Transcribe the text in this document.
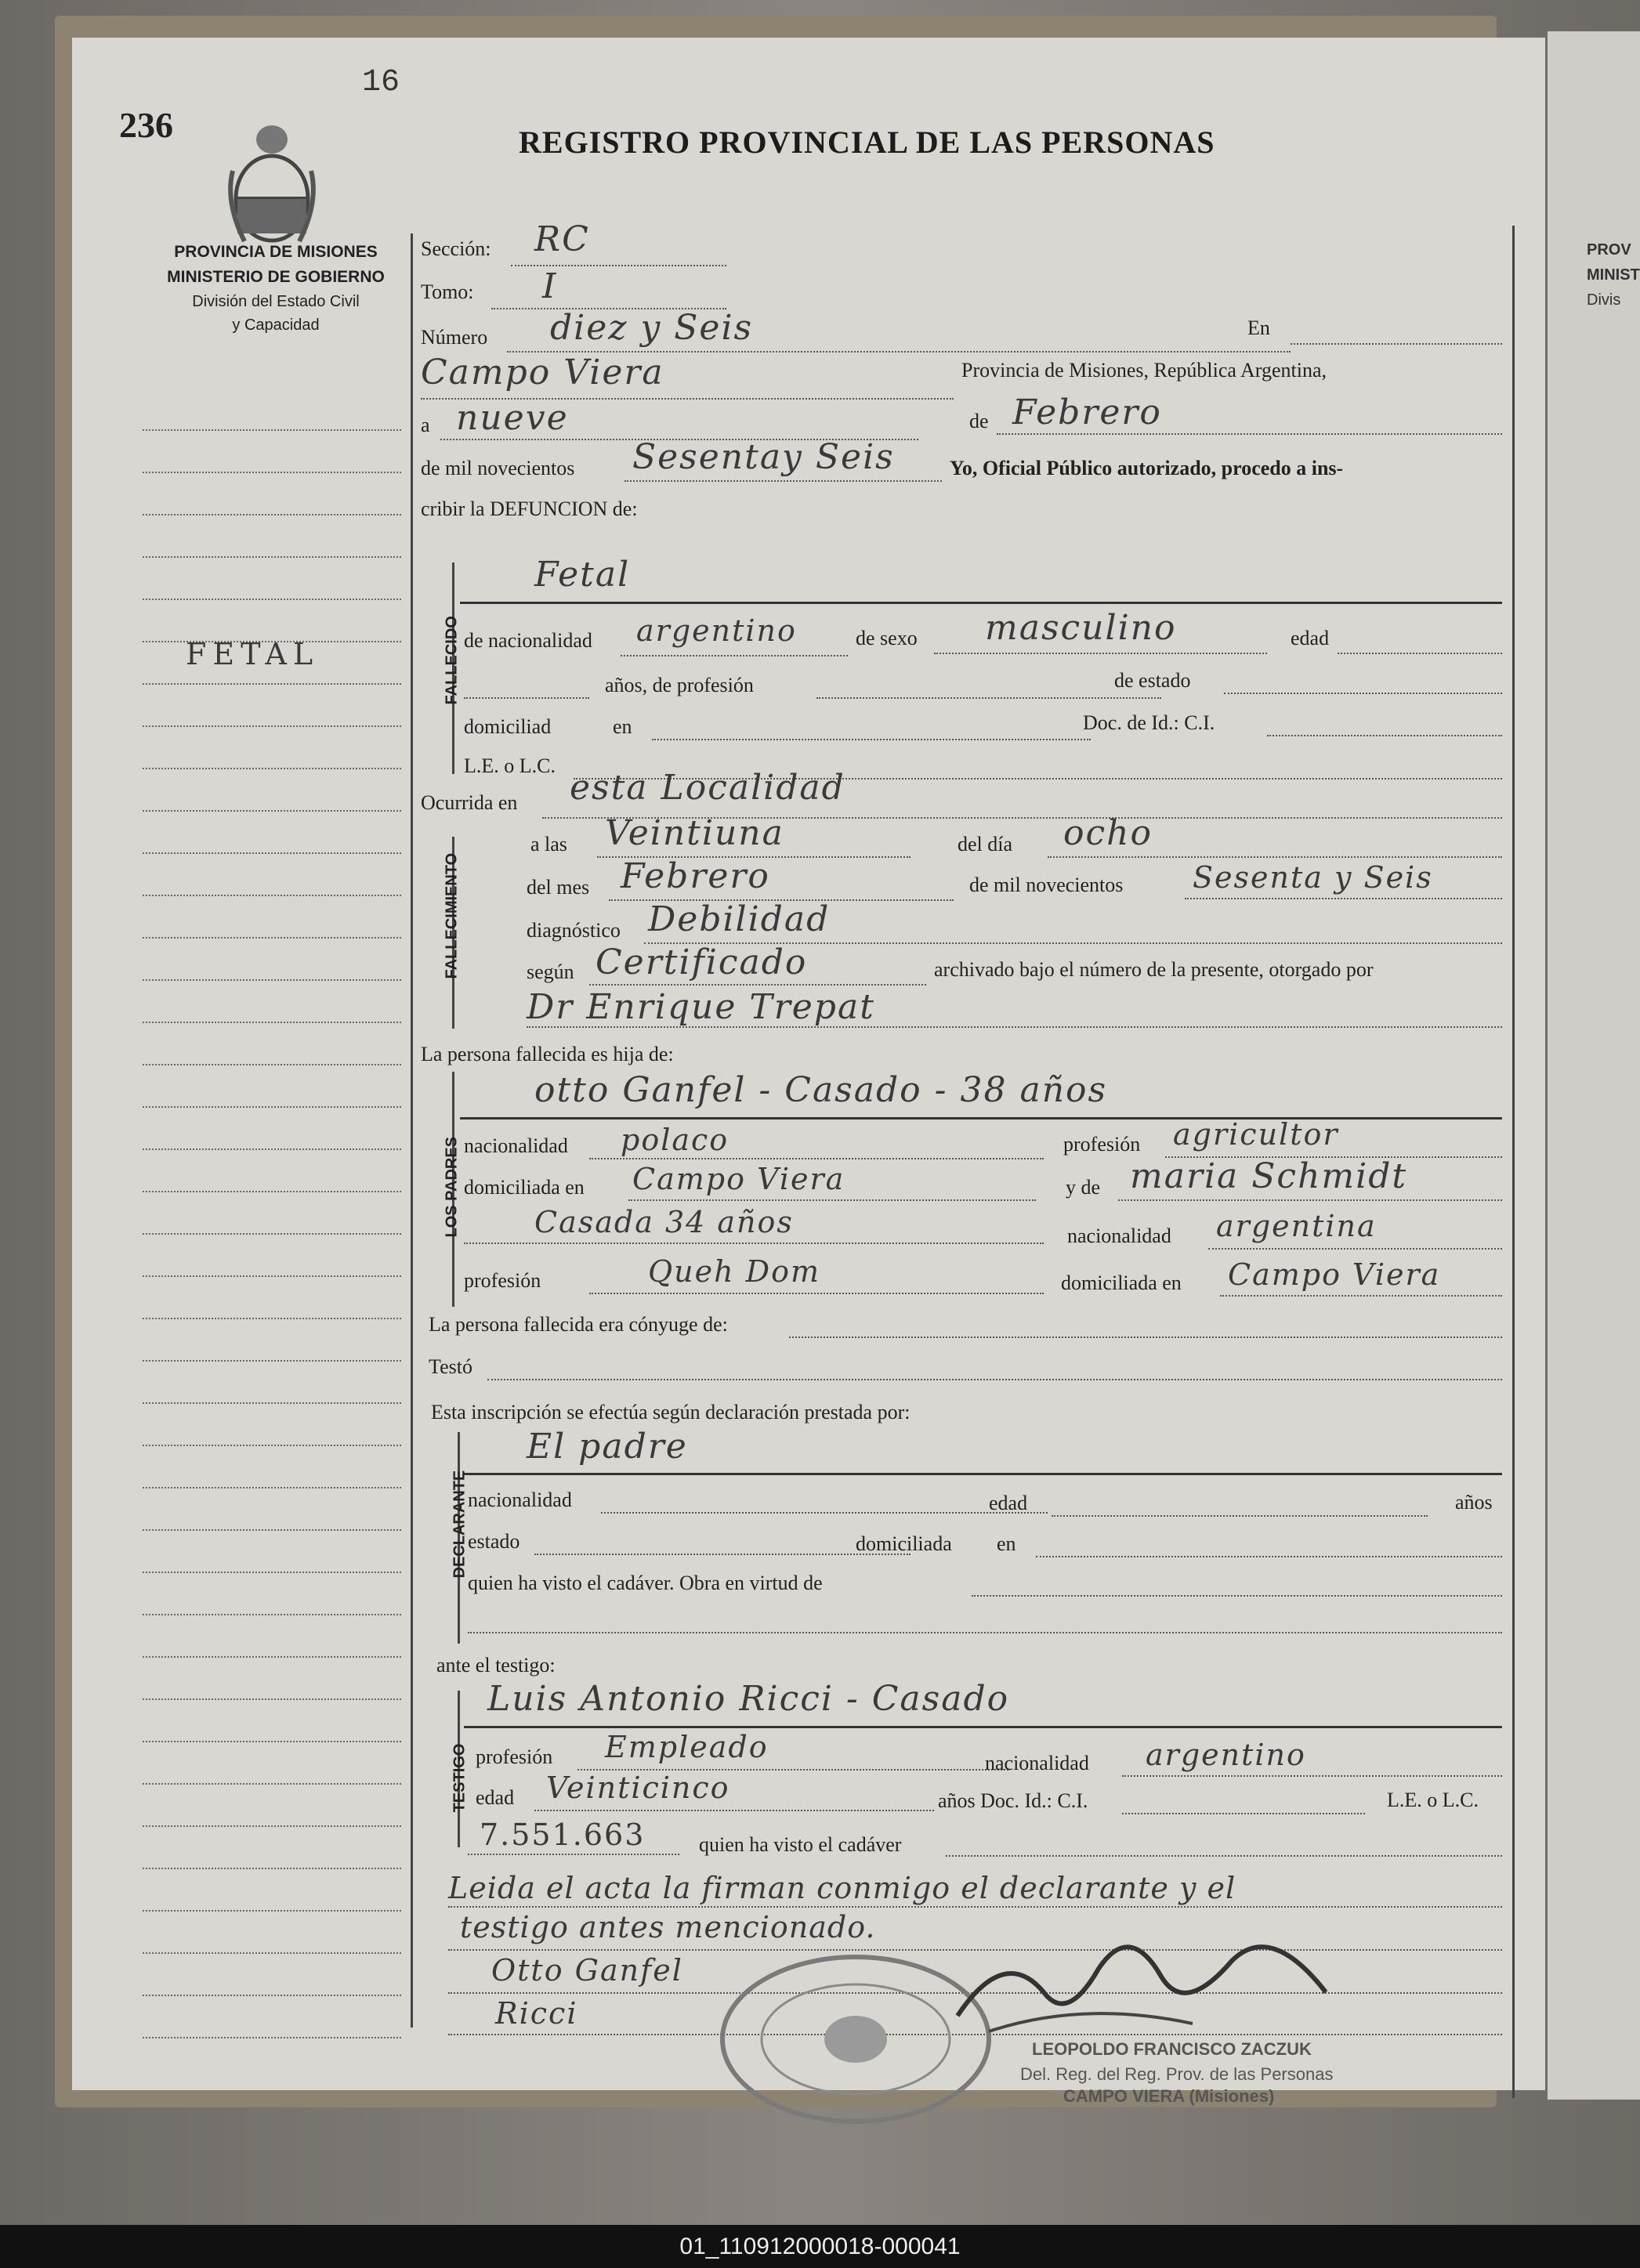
PROV
MINIST
Divis
236
16
REGISTRO PROVINCIAL DE LAS PERSONAS
PROVINCIA DE MISIONES
MINISTERIO DE GOBIERNO
División del Estado Civil
y Capacidad
FETAL
Sección: RC
Tomo: I
Número diez y Seis	En
Campo Viera	Provincia de Misiones, República Argentina,
a nueve	de Febrero
de mil novecientos Sesentay Seis	Yo, Oficial Público autorizado, procedo a ins-
cribir la DEFUNCION de:
FALLECIDO
Fetal
de nacionalidad argentino	de sexo masculino	edad
años, de profesión	de estado
domiciliad	en	Doc. de Id.: C.I.
L.E. o L.C.
Ocurrida en esta Localidad
FALLECIMIENTO
a las Veintiuna	del día ocho
del mes Febrero	de mil novecientos Sesenta y Seis
diagnóstico Debilidad
según Certificado	archivado bajo el número de la presente, otorgado por
Dr Enrique Trepat
La persona fallecida es hija de:
LOS PADRES
otto Ganfel - Casado - 38 años
nacionalidad polaco	profesión agricultor
domiciliada en Campo Viera	y de maria Schmidt
Casada 34 años	nacionalidad argentina
profesión	Queh Dom	domiciliada en Campo Viera
La persona fallecida era cónyuge de:
Testó
Esta inscripción se efectúa según declaración prestada por:
DECLARANTE
El padre
nacionalidad	edad	años
estado	domiciliada en
quien ha visto el cadáver. Obra en virtud de
ante el testigo:
TESTIGO
Luis Antonio Ricci - Casado
profesión Empleado	nacionalidad argentino
edad Veinticinco	años Doc. Id.: C.I.	L.E. o L.C.
7.551.663	quien ha visto el cadáver
Leida el acta la firman conmigo el declarante y el
testigo antes mencionado.
Otto Ganfel
Ricci
LEOPOLDO FRANCISCO ZACZUK
Del. Reg. del Reg. Prov. de las Personas
CAMPO VIERA (Misiones)
01_110912000018-000041
